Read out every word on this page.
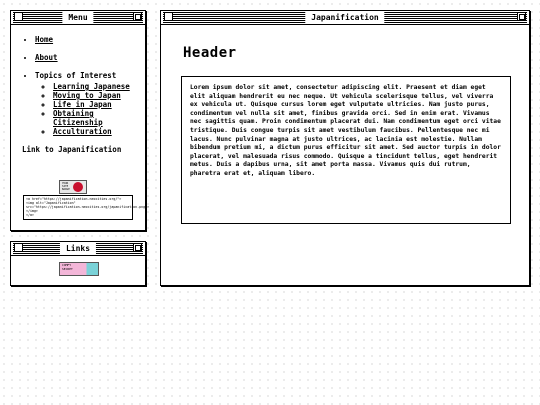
Menu
• Home
• About
• Topics of Interest
◦ Learning Japanese
◦ Moving to Japan
◦ Life in Japan
◦ Obtaining Citizenship
◦ Acculturation
Link to Japanification
YOUR
SITE
BADGE
<a href="https://japanification.neocities.org/">
<img alt="Japanification"
src="https://japanification.neocities.org/japanification.png">
</img>
</a>
Links
COMFY
SECRET
Japanification
Header
Lorem ipsum dolor sit amet, consectetur adipiscing elit. Praesent et diam eget elit aliquam hendrerit eu nec neque. Ut vehicula scelerisque tellus, vel viverra ex vehicula ut. Quisque cursus lorem eget vulputate ultricies. Nam justo purus, condimentum vel nulla sit amet, finibus gravida orci. Sed in enim erat. Vivamus nec sagittis quam. Proin condimentum placerat dui. Nam condimentum eget orci vitae tristique. Duis congue turpis sit amet vestibulum faucibus. Pellentesque nec mi lacus. Nunc pulvinar magna at justo ultrices, ac lacinia est molestie. Nullam bibendum pretium mi, a dictum purus efficitur sit amet. Sed auctor turpis in dolor placerat, vel malesuada risus commodo. Quisque a tincidunt tellus, eget hendrerit metus. Duis a dapibus urna, sit amet porta massa. Vivamus quis dui rutrum, pharetra erat et, aliquam libero.
